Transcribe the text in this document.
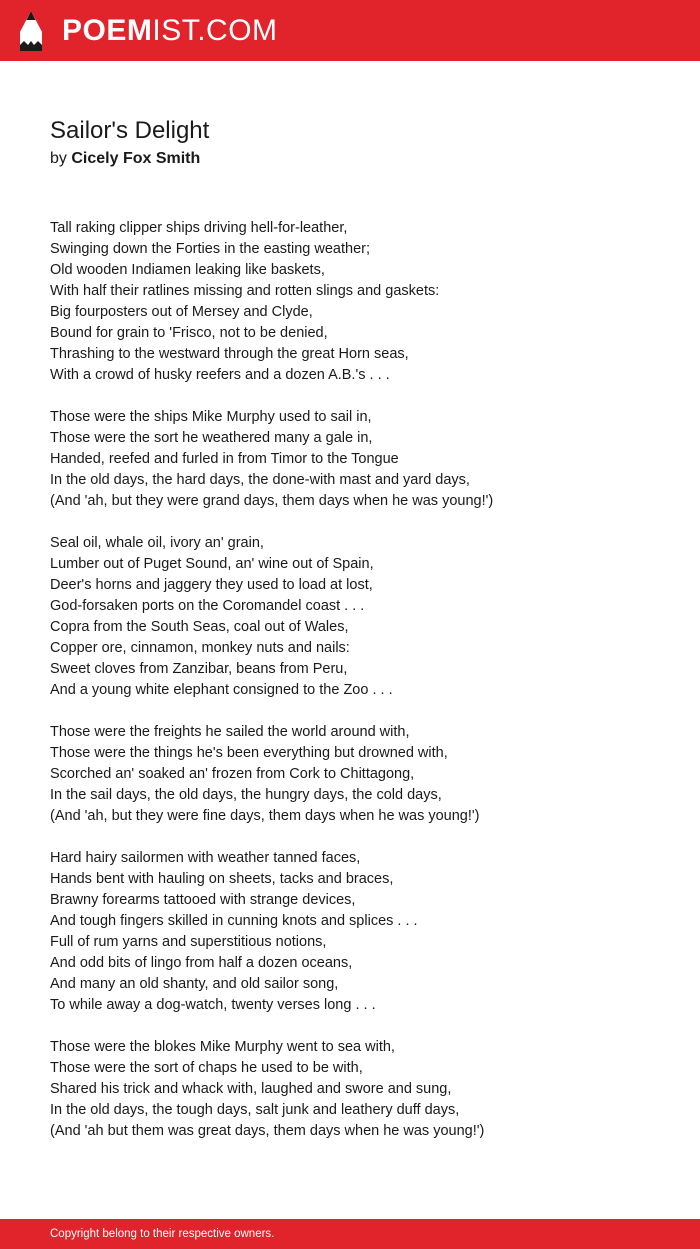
POEMIST.COM
Sailor's Delight
by Cicely Fox Smith
Tall raking clipper ships driving hell-for-leather,
Swinging down the Forties in the easting weather;
Old wooden Indiamen leaking like baskets,
With half their ratlines missing and rotten slings and gaskets:
Big fourposters out of Mersey and Clyde,
Bound for grain to 'Frisco, not to be denied,
Thrashing to the westward through the great Horn seas,
With a crowd of husky reefers and a dozen A.B.'s . . .
Those were the ships Mike Murphy used to sail in,
Those were the sort he weathered many a gale in,
Handed, reefed and furled in from Timor to the Tongue
In the old days, the hard days, the done-with mast and yard days,
(And 'ah, but they were grand days, them days when he was young!')
Seal oil, whale oil, ivory an' grain,
Lumber out of Puget Sound, an' wine out of Spain,
Deer's horns and jaggery they used to load at lost,
God-forsaken ports on the Coromandel coast . . .
Copra from the South Seas, coal out of Wales,
Copper ore, cinnamon, monkey nuts and nails:
Sweet cloves from Zanzibar, beans from Peru,
And a young white elephant consigned to the Zoo . . .
Those were the freights he sailed the world around with,
Those were the things he's been everything but drowned with,
Scorched an' soaked an' frozen from Cork to Chittagong,
In the sail days, the old days, the hungry days, the cold days,
(And 'ah, but they were fine days, them days when he was young!')
Hard hairy sailormen with weather tanned faces,
Hands bent with hauling on sheets, tacks and braces,
Brawny forearms tattooed with strange devices,
And tough fingers skilled in cunning knots and splices . . .
Full of rum yarns and superstitious notions,
And odd bits of lingo from half a dozen oceans,
And many an old shanty, and old sailor song,
To while away a dog-watch, twenty verses long . . .
Those were the blokes Mike Murphy went to sea with,
Those were the sort of chaps he used to be with,
Shared his trick and whack with, laughed and swore and sung,
In the old days, the tough days, salt junk and leathery duff days,
(And 'ah but them was great days, them days when he was young!')
Copyright belong to their respective owners.
